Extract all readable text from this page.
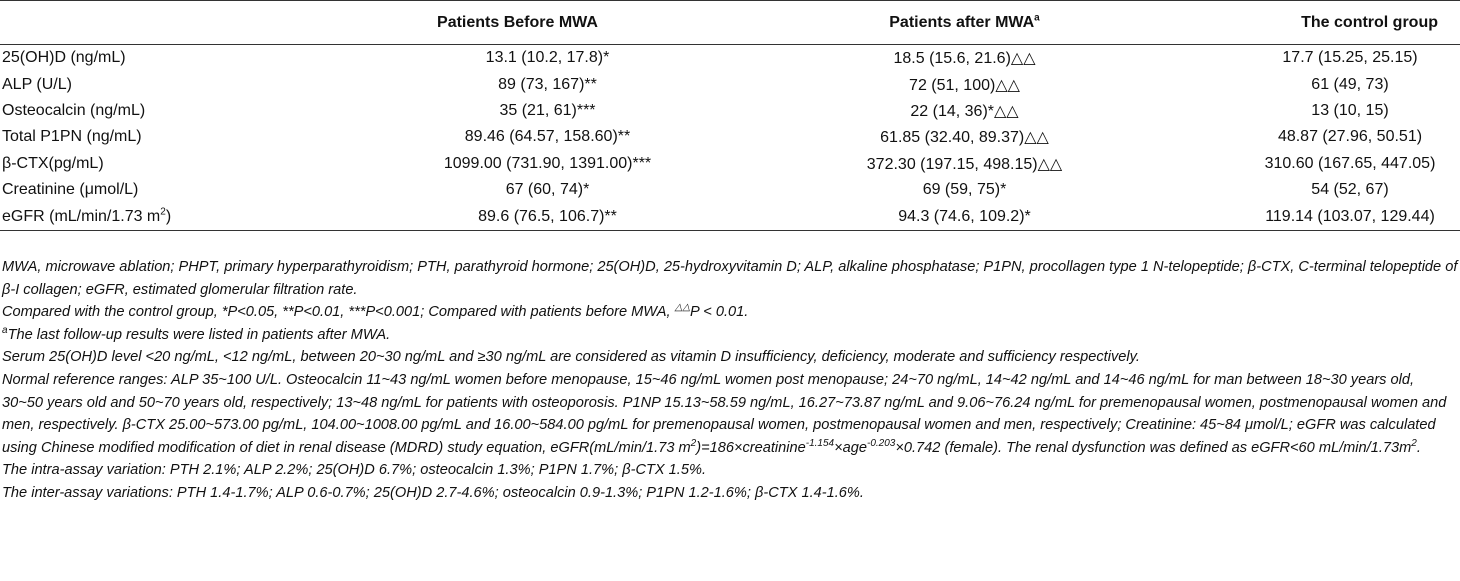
	Patients Before MWA	Patients after MWA$^a$	The control group
25(OH)D (ng/mL)	13.1 (10.2, 17.8)*	18.5 (15.6, 21.6)△△	17.7 (15.25, 25.15)
ALP (U/L)	89 (73, 167)**	72 (51, 100)△△	61 (49, 73)
Osteocalcin (ng/mL)	35 (21, 61)***	22 (14, 36)*△△	13 (10, 15)
Total P1PN (ng/mL)	89.46 (64.57, 158.60)**	61.85 (32.40, 89.37)△△	48.87 (27.96, 50.51)
β-CTX(pg/mL)	1099.00 (731.90, 1391.00)***	372.30 (197.15, 498.15)△△	310.60 (167.65, 447.05)
Creatinine (μmol/L)	67 (60, 74)*	69 (59, 75)*	54 (52, 67)
eGFR (mL/min/1.73 $m^2$)	89.6 (76.5, 106.7)**	94.3 (74.6, 109.2)*	119.14 (103.07, 129.44)

MWA, microwave ablation; PHPT, primary hyperparathyroidism; PTH, parathyroid hormone; 25(OH)D, 25-hydroxyvitamin D; ALP, alkaline phosphatase; P1PN, procollagen type 1 N-telopeptide; β-CTX, C-terminal telopeptide of β-I collagen; eGFR, estimated glomerular filtration rate.

Compared with the control group, *P<0.05, **P<0.01, ***P<0.001; Compared with patients before MWA, △△P < 0.01.

$^a$The last follow-up results were listed in patients after MWA.

Serum 25(OH)D level <20 ng/mL, <12 ng/mL, between 20~30 ng/mL and ≥30 ng/mL are considered as vitamin D insufficiency, deficiency, moderate and sufficiency respectively.

Normal reference ranges: ALP 35~100 U/L. Osteocalcin 11~43 ng/mL women before menopause, 15~46 ng/mL women post menopause; 24~70 ng/mL, 14~42 ng/mL and 14~46 ng/mL for man between 18~30 years old, 30~50 years old and 50~70 years old, respectively; 13~48 ng/mL for patients with osteoporosis. P1NP 15.13~58.59 ng/mL, 16.27~73.87 ng/mL and 9.06~76.24 ng/mL for premenopausal women, postmenopausal women and men, respectively. β-CTX 25.00~573.00 pg/mL, 104.00~1008.00 pg/mL and 16.00~584.00 pg/mL for premenopausal women, postmenopausal women and men, respectively; Creatinine: 45~84 μmol/L; eGFR was calculated using Chinese modified modification of diet in renal disease (MDRD) study equation, eGFR(mL/min/1.73 $m^2)=186\times creatinine^{-1.154}\times age^{-0.203}\times 0.742$ (female). The renal dysfunction was defined as eGFR<60 $mL/\min/1.73m^2$.

The intra-assay variation: PTH 2.1%; ALP 2.2%; 25(OH)D 6.7%; osteocalcin 1.3%; P1PN 1.7%; β-CTX 1.5%.

The inter-assay variations: PTH 1.4-1.7%; ALP 0.6-0.7%; 25(OH)D 2.7-4.6%; osteocalcin 0.9-1.3%; P1PN 1.2-1.6%; β-CTX 1.4-1.6%.
